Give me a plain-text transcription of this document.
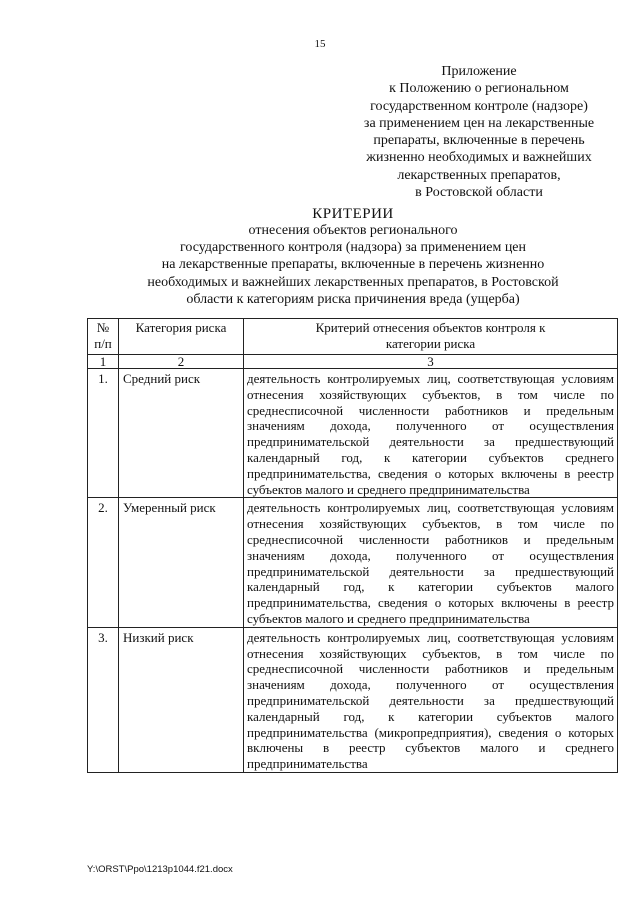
15
Приложение
к Положению о региональном
государственном контроле (надзоре)
за применением цен на лекарственные
препараты, включенные в перечень
жизненно необходимых и важнейших
лекарственных препаратов,
в Ростовской области
КРИТЕРИИ
отнесения объектов регионального
государственного контроля (надзора) за применением цен
на лекарственные препараты, включенные в перечень жизненно
необходимых и важнейших лекарственных препаратов, в Ростовской
области к категориям риска причинения вреда (ущерба)
№ п/п	Категория риска	Критерий отнесения объектов контроля к категории риска
1	2	3
1.	Средний риск	деятельность контролируемых лиц, соответствующая условиям отнесения хозяйствующих субъектов, в том числе по среднесписочной численности работников и предельным значениям дохода, полученного от осуществления предпринимательской деятельности за предшествующий календарный год, к категории субъектов среднего предпринимательства, сведения о которых включены в реестр субъектов малого и среднего предпринимательства
2.	Умеренный риск	деятельность контролируемых лиц, соответствующая условиям отнесения хозяйствующих субъектов, в том числе по среднесписочной численности работников и предельным значениям дохода, полученного от осуществления предпринимательской деятельности за предшествующий календарный год, к категории субъектов малого предпринимательства, сведения о которых включены в реестр субъектов малого и среднего предпринимательства
3.	Низкий риск	деятельность контролируемых лиц, соответствующая условиям отнесения хозяйствующих субъектов, в том числе по среднесписочной численности работников и предельным значениям дохода, полученного от осуществления предпринимательской деятельности за предшествующий календарный год, к категории субъектов малого предпринимательства (микропредприятия), сведения о которых включены в реестр субъектов малого и среднего предпринимательства
Y:\ORST\Ppo\1213p1044.f21.docx
